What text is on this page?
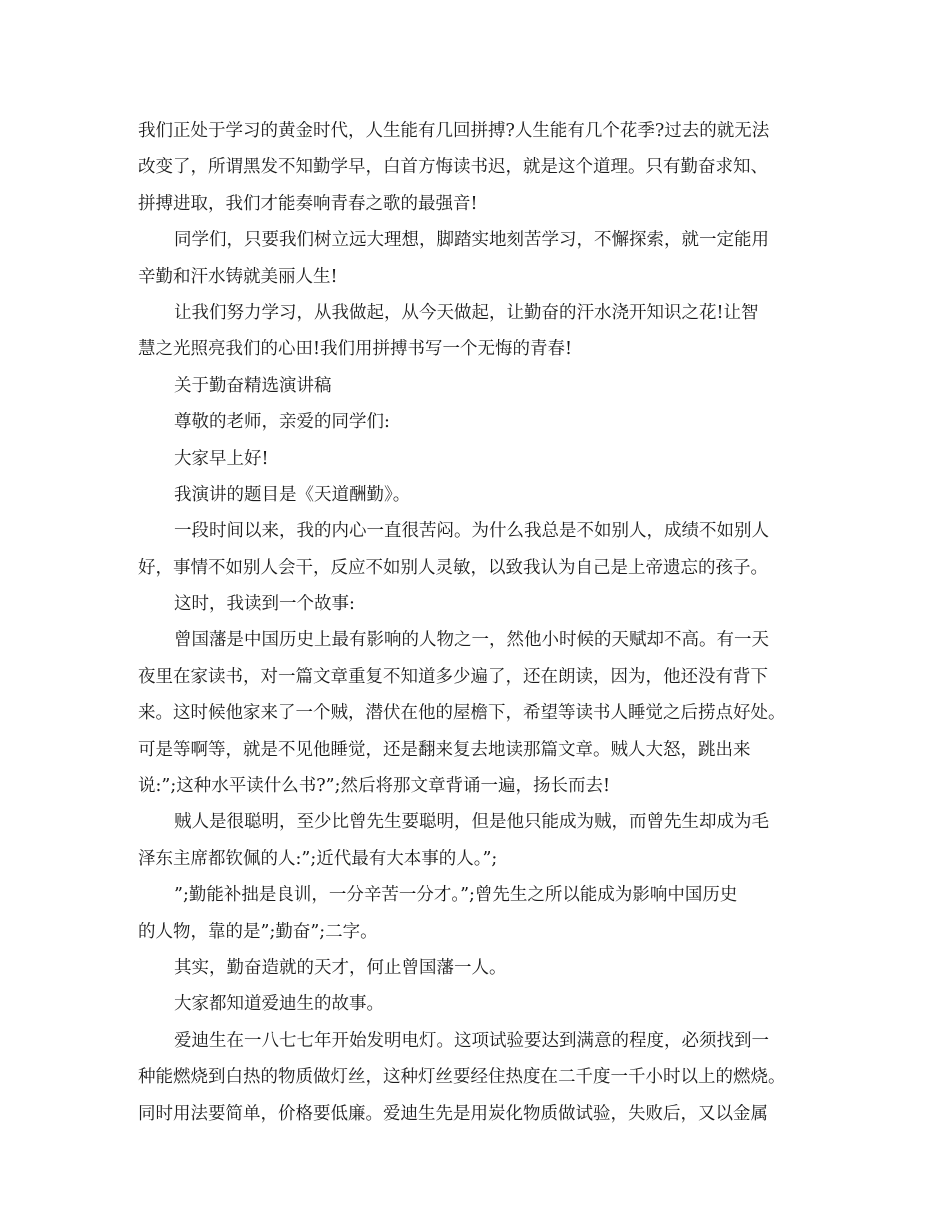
我们正处于学习的黄金时代，人生能有几回拼搏?人生能有几个花季?过去的就无法
改变了，所谓黑发不知勤学早，白首方悔读书迟，就是这个道理。只有勤奋求知、
拼搏进取，我们才能奏响青春之歌的最强音!
同学们，只要我们树立远大理想，脚踏实地刻苦学习，不懈探索，就一定能用
辛勤和汗水铸就美丽人生!
让我们努力学习，从我做起，从今天做起，让勤奋的汗水浇开知识之花!让智
慧之光照亮我们的心田!我们用拼搏书写一个无悔的青春!
关于勤奋精选演讲稿
尊敬的老师，亲爱的同学们:
大家早上好!
我演讲的题目是《天道酬勤》。
一段时间以来，我的内心一直很苦闷。为什么我总是不如别人，成绩不如别人
好，事情不如别人会干，反应不如别人灵敏，以致我认为自己是上帝遗忘的孩子。
这时，我读到一个故事:
曾国藩是中国历史上最有影响的人物之一，然他小时候的天赋却不高。有一天
夜里在家读书，对一篇文章重复不知道多少遍了，还在朗读，因为，他还没有背下
来。这时候他家来了一个贼，潜伏在他的屋檐下，希望等读书人睡觉之后捞点好处。
可是等啊等，就是不见他睡觉，还是翻来复去地读那篇文章。贼人大怒，跳出来
说:”;这种水平读什么书?”;然后将那文章背诵一遍，扬长而去!
贼人是很聪明，至少比曾先生要聪明，但是他只能成为贼，而曾先生却成为毛
泽东主席都钦佩的人:”;近代最有大本事的人。”;
”;勤能补拙是良训，一分辛苦一分才。”;曾先生之所以能成为影响中国历史
的人物，靠的是”;勤奋”;二字。
其实，勤奋造就的天才，何止曾国藩一人。
大家都知道爱迪生的故事。
爱迪生在一八七七年开始发明电灯。这项试验要达到满意的程度，必须找到一
种能燃烧到白热的物质做灯丝，这种灯丝要经住热度在二千度一千小时以上的燃烧。
同时用法要简单，价格要低廉。爱迪生先是用炭化物质做试验，失败后，又以金属
